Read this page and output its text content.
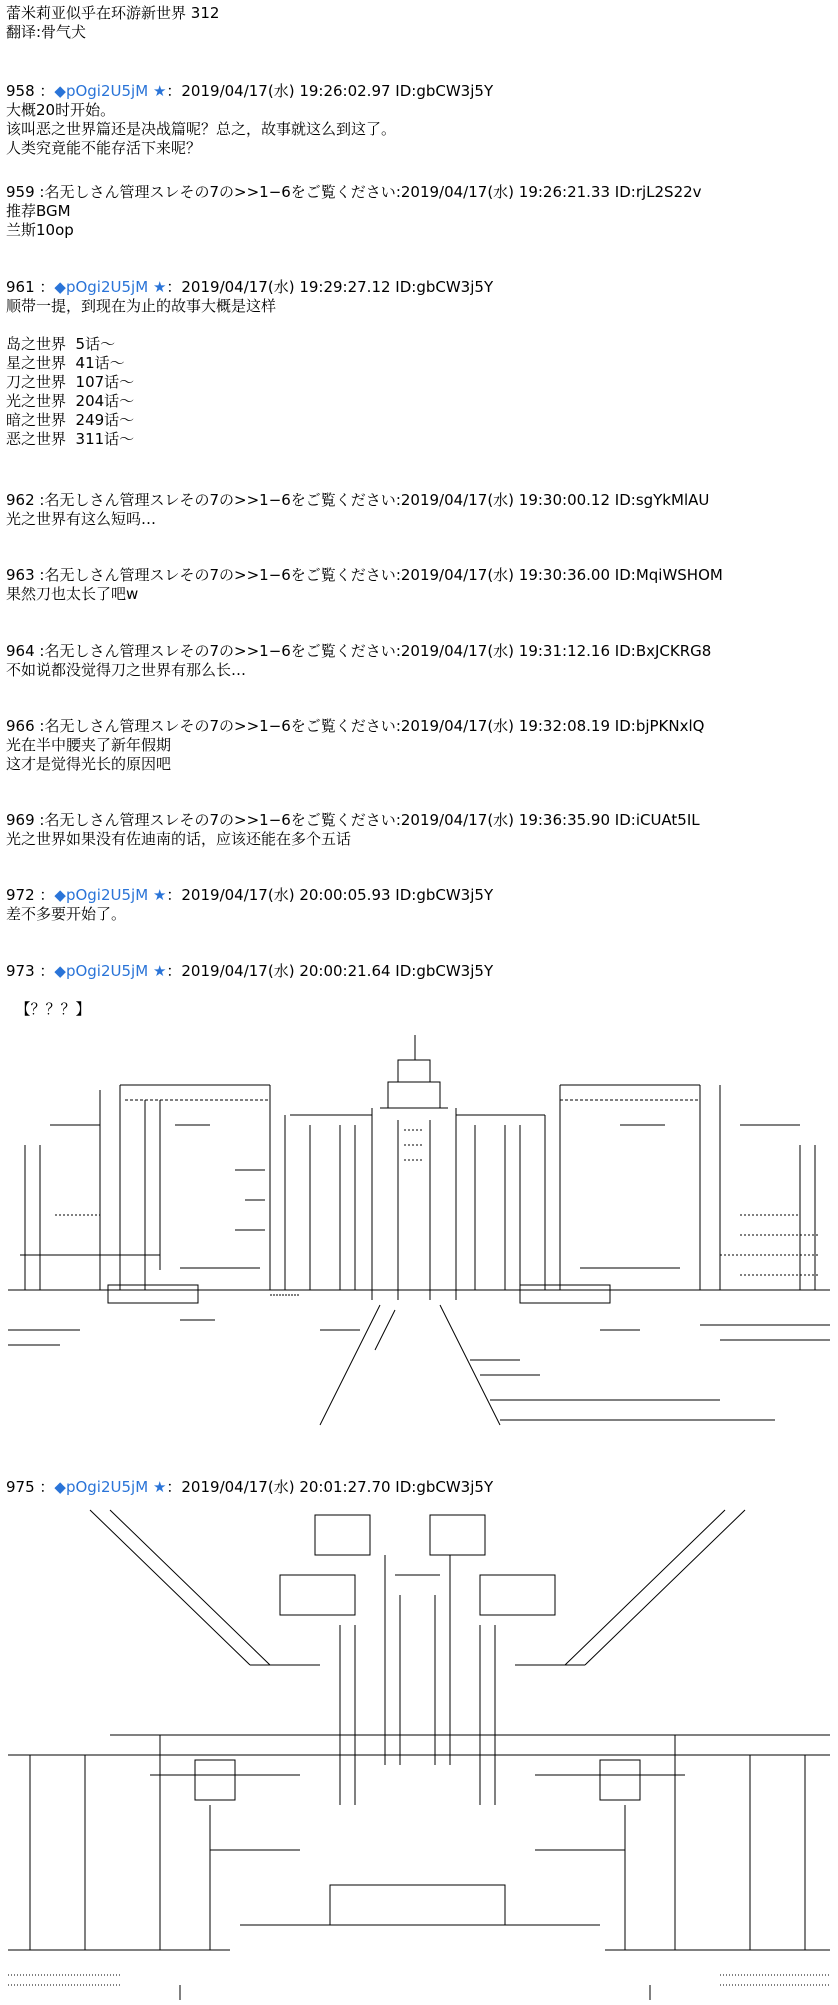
蕾米莉亚似乎在环游新世界 312
翻译:骨气犬
958 ：◆pOgi2U5jM ★：2019/04/17(水) 19:26:02.97 ID:gbCW3j5Y
大概20时开始。
该叫恶之世界篇还是决战篇呢？总之，故事就这么到这了。
人类究竟能不能存活下来呢？
959 :名无しさん管理スレその7の>>1−6をご覧ください:2019/04/17(水) 19:26:21.33 ID:rjL2S22v
推荐BGM
兰斯10op
961 ：◆pOgi2U5jM ★：2019/04/17(水) 19:29:27.12 ID:gbCW3j5Y
顺带一提，到现在为止的故事大概是这样
岛之世界  5话～
星之世界  41话～
刀之世界  107话～
光之世界  204话～
暗之世界  249话～
恶之世界  311话～
962 :名无しさん管理スレその7の>>1−6をご覧ください:2019/04/17(水) 19:30:00.12 ID:sgYkMlAU
光之世界有这么短吗…
963 :名无しさん管理スレその7の>>1−6をご覧ください:2019/04/17(水) 19:30:36.00 ID:MqiWSHOM
果然刀也太长了吧w
964 :名无しさん管理スレその7の>>1−6をご覧ください:2019/04/17(水) 19:31:12.16 ID:BxJCKRG8
不如说都没觉得刀之世界有那么长…
966 :名无しさん管理スレその7の>>1−6をご覧ください:2019/04/17(水) 19:32:08.19 ID:bjPKNxlQ
光在半中腰夹了新年假期
这才是觉得光长的原因吧
969 :名无しさん管理スレその7の>>1−6をご覧ください:2019/04/17(水) 19:36:35.90 ID:iCUAt5IL
光之世界如果没有佐迪南的话，应该还能在多个五话
972 ：◆pOgi2U5jM ★：2019/04/17(水) 20:00:05.93 ID:gbCW3j5Y
差不多要开始了。
973 ：◆pOgi2U5jM ★：2019/04/17(水) 20:00:21.64 ID:gbCW3j5Y
【？？？】
975 ：◆pOgi2U5jM ★：2019/04/17(水) 20:01:27.70 ID:gbCW3j5Y
